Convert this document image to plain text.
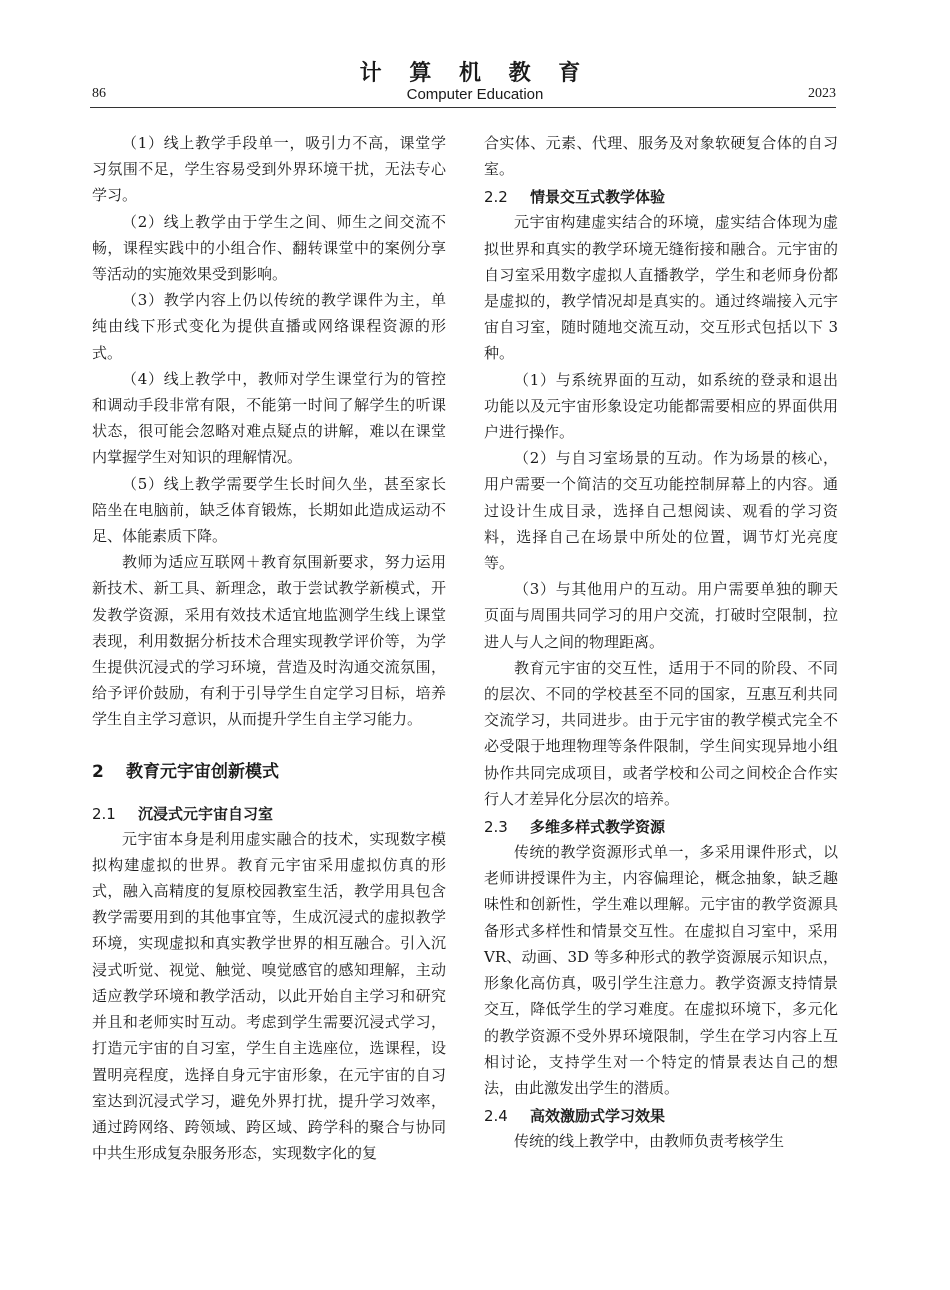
计 算 机 教 育
Computer Education
86	2023

（1）线上教学手段单一，吸引力不高，课堂学习氛围不足，学生容易受到外界环境干扰，无法专心学习。

（2）线上教学由于学生之间、师生之间交流不畅，课程实践中的小组合作、翻转课堂中的案例分享等活动的实施效果受到影响。

（3）教学内容上仍以传统的教学课件为主，单纯由线下形式变化为提供直播或网络课程资源的形式。

（4）线上教学中，教师对学生课堂行为的管控和调动手段非常有限，不能第一时间了解学生的听课状态，很可能会忽略对难点疑点的讲解，难以在课堂内掌握学生对知识的理解情况。

（5）线上教学需要学生长时间久坐，甚至家长陪坐在电脑前，缺乏体育锻炼，长期如此造成运动不足、体能素质下降。

教师为适应互联网＋教育氛围新要求，努力运用新技术、新工具、新理念，敢于尝试教学新模式，开发教学资源，采用有效技术适宜地监测学生线上课堂表现，利用数据分析技术合理实现教学评价等，为学生提供沉浸式的学习环境，营造及时沟通交流氛围，给予评价鼓励，有利于引导学生自定学习目标，培养学生自主学习意识，从而提升学生自主学习能力。

2 教育元宇宙创新模式
2.1 沉浸式元宇宙自习室

元宇宙本身是利用虚实融合的技术，实现数字模拟构建虚拟的世界。教育元宇宙采用虚拟仿真的形式，融入高精度的复原校园教室生活，教学用具包含教学需要用到的其他事宜等，生成沉浸式的虚拟教学环境，实现虚拟和真实教学世界的相互融合。引入沉浸式听觉、视觉、触觉、嗅觉感官的感知理解，主动适应教学环境和教学活动，以此开始自主学习和研究并且和老师实时互动。考虑到学生需要沉浸式学习，打造元宇宙的自习室，学生自主选座位，选课程，设置明亮程度，选择自身元宇宙形象，在元宇宙的自习室达到沉浸式学习，避免外界打扰，提升学习效率，通过跨网络、跨领域、跨区域、跨学科的聚合与协同中共生形成复杂服务形态，实现数字化的复

合实体、元素、代理、服务及对象软硬复合体的自习室。

2.2 情景交互式教学体验

元宇宙构建虚实结合的环境，虚实结合体现为虚拟世界和真实的教学环境无缝衔接和融合。元宇宙的自习室采用数字虚拟人直播教学，学生和老师身份都是虚拟的，教学情况却是真实的。通过终端接入元宇宙自习室，随时随地交流互动，交互形式包括以下 3 种。

（1）与系统界面的互动，如系统的登录和退出功能以及元宇宙形象设定功能都需要相应的界面供用户进行操作。

（2）与自习室场景的互动。作为场景的核心，用户需要一个简洁的交互功能控制屏幕上的内容。通过设计生成目录，选择自己想阅读、观看的学习资料，选择自己在场景中所处的位置，调节灯光亮度等。

（3）与其他用户的互动。用户需要单独的聊天页面与周围共同学习的用户交流，打破时空限制，拉进人与人之间的物理距离。

教育元宇宙的交互性，适用于不同的阶段、不同的层次、不同的学校甚至不同的国家，互惠互利共同交流学习，共同进步。由于元宇宙的教学模式完全不必受限于地理物理等条件限制，学生间实现异地小组协作共同完成项目，或者学校和公司之间校企合作实行人才差异化分层次的培养。

2.3 多维多样式教学资源

传统的教学资源形式单一，多采用课件形式，以老师讲授课件为主，内容偏理论，概念抽象，缺乏趣味性和创新性，学生难以理解。元宇宙的教学资源具备形式多样性和情景交互性。在虚拟自习室中，采用 VR、动画、3D 等多种形式的教学资源展示知识点，形象化高仿真，吸引学生注意力。教学资源支持情景交互，降低学生的学习难度。在虚拟环境下，多元化的教学资源不受外界环境限制，学生在学习内容上互相讨论，支持学生对一个特定的情景表达自己的想法，由此激发出学生的潜质。

2.4 高效激励式学习效果

传统的线上教学中，由教师负责考核学生
